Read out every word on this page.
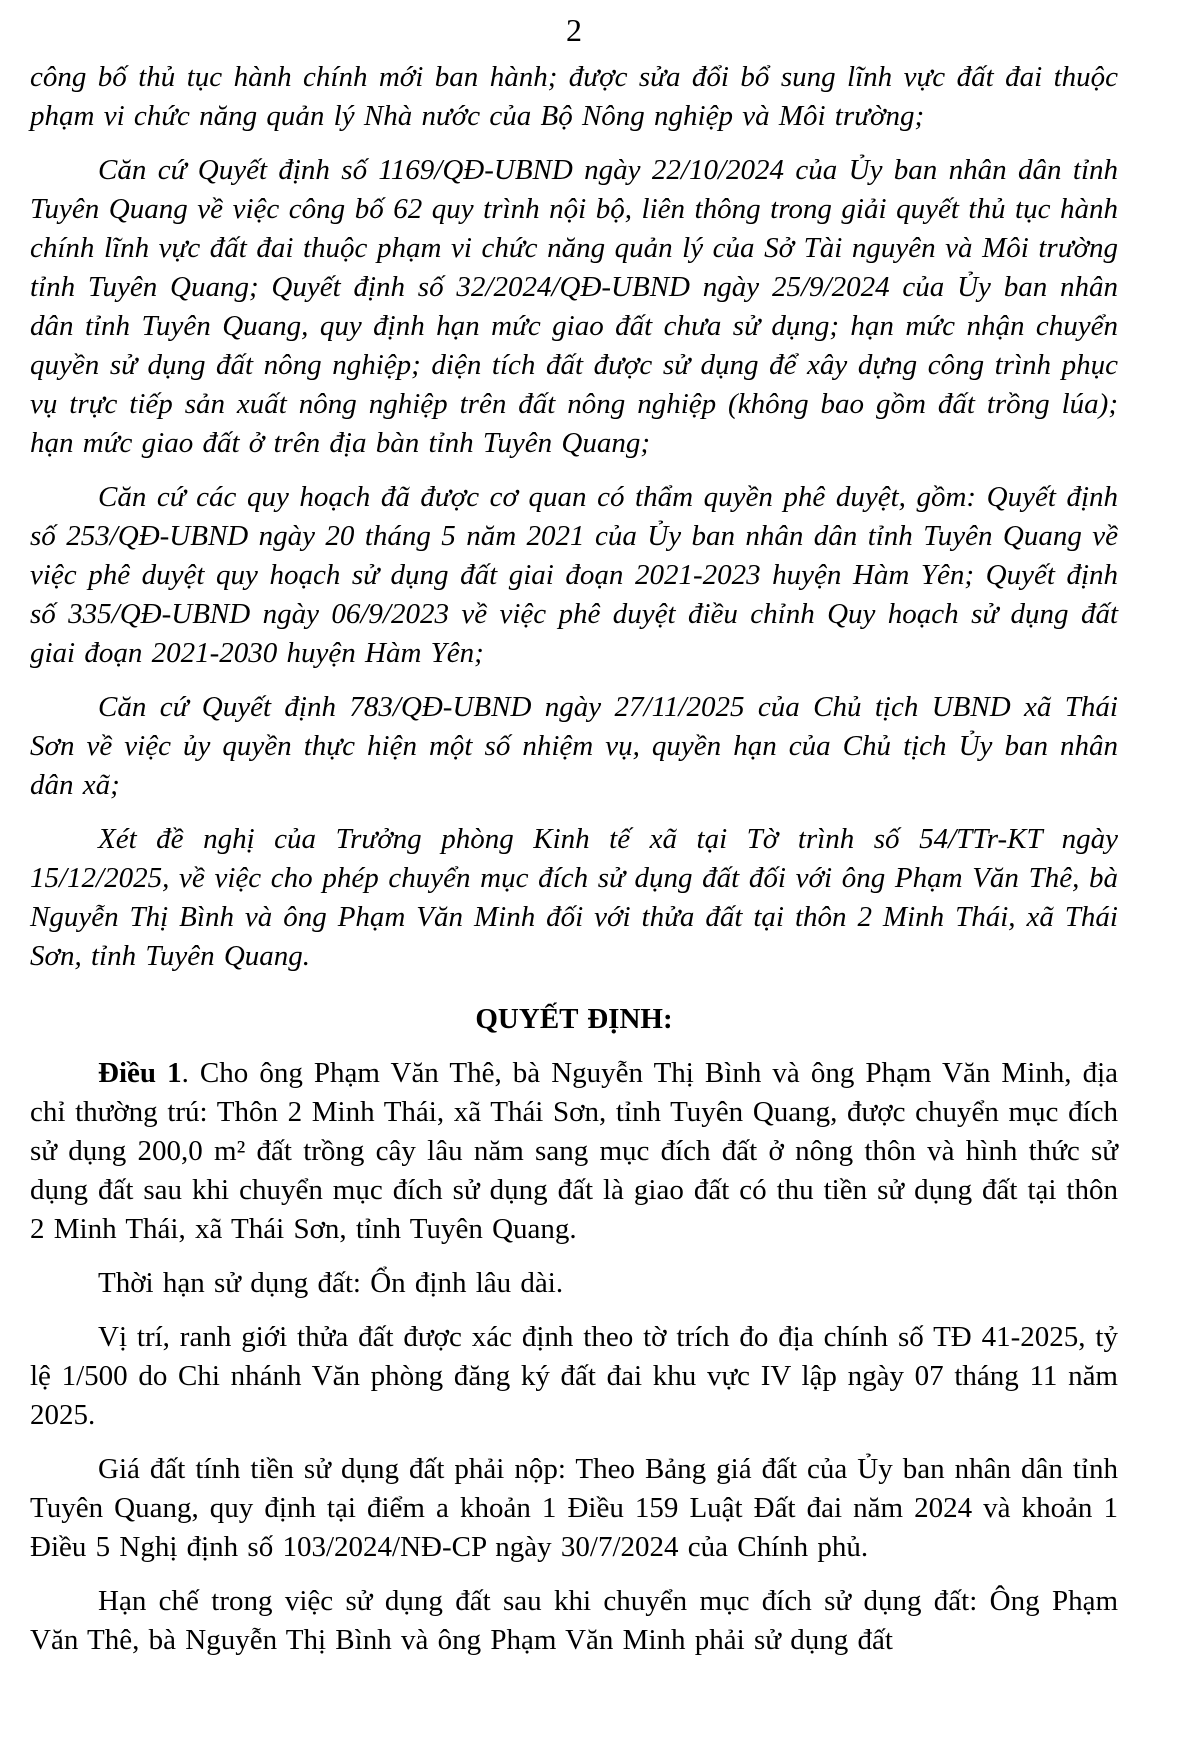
2

công bố thủ tục hành chính mới ban hành; được sửa đổi bổ sung lĩnh vực đất đai thuộc phạm vi chức năng quản lý Nhà nước của Bộ Nông nghiệp và Môi trường;

Căn cứ Quyết định số 1169/QĐ-UBND ngày 22/10/2024 của Ủy ban nhân dân tỉnh Tuyên Quang về việc công bố 62 quy trình nội bộ, liên thông trong giải quyết thủ tục hành chính lĩnh vực đất đai thuộc phạm vi chức năng quản lý của Sở Tài nguyên và Môi trường tỉnh Tuyên Quang; Quyết định số 32/2024/QĐ-UBND ngày 25/9/2024 của Ủy ban nhân dân tỉnh Tuyên Quang, quy định hạn mức giao đất chưa sử dụng; hạn mức nhận chuyển quyền sử dụng đất nông nghiệp; diện tích đất được sử dụng để xây dựng công trình phục vụ trực tiếp sản xuất nông nghiệp trên đất nông nghiệp (không bao gồm đất trồng lúa); hạn mức giao đất ở trên địa bàn tỉnh Tuyên Quang;

Căn cứ các quy hoạch đã được cơ quan có thẩm quyền phê duyệt, gồm: Quyết định số 253/QĐ-UBND ngày 20 tháng 5 năm 2021 của Ủy ban nhân dân tỉnh Tuyên Quang về việc phê duyệt quy hoạch sử dụng đất giai đoạn 2021-2023 huyện Hàm Yên; Quyết định số 335/QĐ-UBND ngày 06/9/2023 về việc phê duyệt điều chỉnh Quy hoạch sử dụng đất giai đoạn 2021-2030 huyện Hàm Yên;

Căn cứ Quyết định 783/QĐ-UBND ngày 27/11/2025 của Chủ tịch UBND xã Thái Sơn về việc ủy quyền thực hiện một số nhiệm vụ, quyền hạn của Chủ tịch Ủy ban nhân dân xã;

Xét đề nghị của Trưởng phòng Kinh tế xã tại Tờ trình số 54/TTr-KT ngày 15/12/2025, về việc cho phép chuyển mục đích sử dụng đất đối với ông Phạm Văn Thê, bà Nguyễn Thị Bình và ông Phạm Văn Minh đối với thửa đất tại thôn 2 Minh Thái, xã Thái Sơn, tỉnh Tuyên Quang.

QUYẾT ĐỊNH:

Điều 1. Cho ông Phạm Văn Thê, bà Nguyễn Thị Bình và ông Phạm Văn Minh, địa chỉ thường trú: Thôn 2 Minh Thái, xã Thái Sơn, tỉnh Tuyên Quang, được chuyển mục đích sử dụng 200,0 m² đất trồng cây lâu năm sang mục đích đất ở nông thôn và hình thức sử dụng đất sau khi chuyển mục đích sử dụng đất là giao đất có thu tiền sử dụng đất tại thôn 2 Minh Thái, xã Thái Sơn, tỉnh Tuyên Quang.

Thời hạn sử dụng đất: Ổn định lâu dài.

Vị trí, ranh giới thửa đất được xác định theo tờ trích đo địa chính số TĐ 41-2025, tỷ lệ 1/500 do Chi nhánh Văn phòng đăng ký đất đai khu vực IV lập ngày 07 tháng 11 năm 2025.

Giá đất tính tiền sử dụng đất phải nộp: Theo Bảng giá đất của Ủy ban nhân dân tỉnh Tuyên Quang, quy định tại điểm a khoản 1 Điều 159 Luật Đất đai năm 2024 và khoản 1 Điều 5 Nghị định số 103/2024/NĐ-CP ngày 30/7/2024 của Chính phủ.

Hạn chế trong việc sử dụng đất sau khi chuyển mục đích sử dụng đất: Ông Phạm Văn Thê, bà Nguyễn Thị Bình và ông Phạm Văn Minh phải sử dụng đất
